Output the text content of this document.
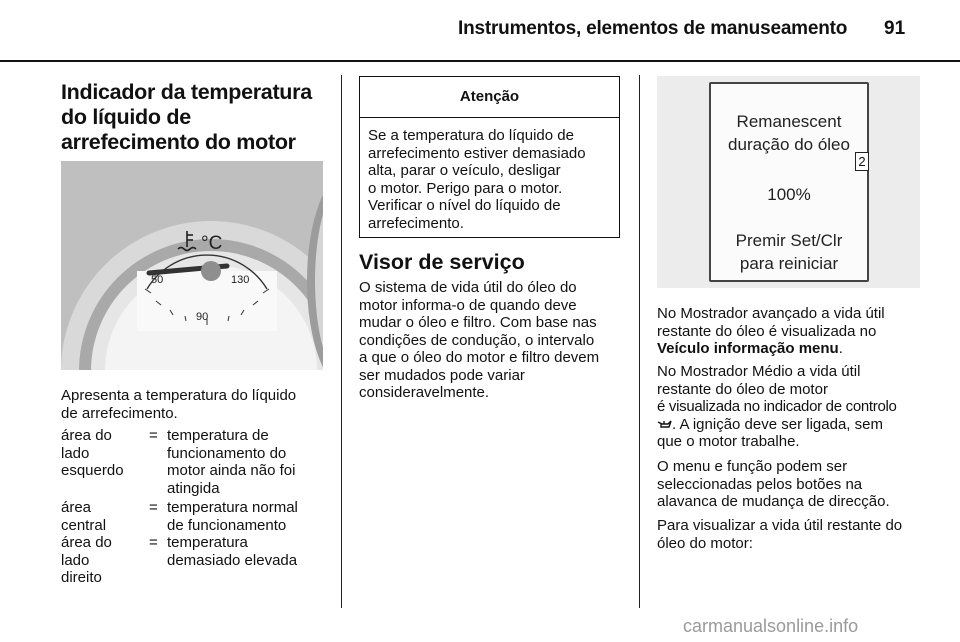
Instrumentos, elementos de manuseamento 91
Indicador da temperatura
do líquido de
arrefecimento do motor
50
90
130
°C
Apresenta a temperatura do líquido
de arrefecimento.
área do
lado
esquerdo
= temperatura de
funcionamento do
motor ainda não foi
atingida
área
central
= temperatura normal
de funcionamento
área do
lado
direito
= temperatura
demasiado elevada
Atenção
Se a temperatura do líquido de
arrefecimento estiver demasiado
alta, parar o veículo, desligar
o motor. Perigo para o motor.
Verificar o nível do líquido de
arrefecimento.
Visor de serviço
O sistema de vida útil do óleo do
motor informa-o de quando deve
mudar o óleo e filtro. Com base nas
condições de condução, o intervalo
a que o óleo do motor e filtro devem
ser mudados pode variar
consideravelmente.
Remanescent
duração do óleo
2
100%
Premir Set/Clr
para reiniciar
No Mostrador avançado a vida útil
restante do óleo é visualizada no
Veículo informação menu.
No Mostrador Médio a vida útil
restante do óleo de motor
é visualizada no indicador de controlo
. A ignição deve ser ligada, sem
que o motor trabalhe.
O menu e função podem ser
seleccionadas pelos botões na
alavanca de mudança de direcção.
Para visualizar a vida útil restante do
óleo do motor:
carmanualsonline.info
